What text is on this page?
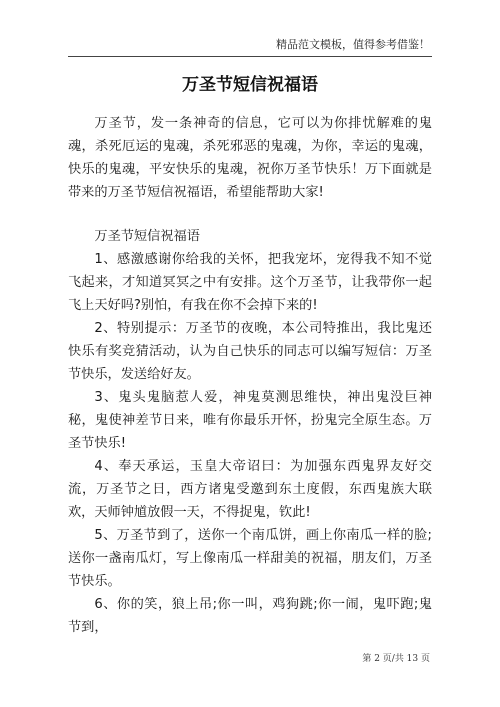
精品范文模板，值得参考借鉴！
万圣节短信祝福语

万圣节，发一条神奇的信息，它可以为你排忧解难的鬼魂，杀死厄运的鬼魂，杀死邪恶的鬼魂，为你，幸运的鬼魂，快乐的鬼魂，平安快乐的鬼魂，祝你万圣节快乐！万下面就是带来的万圣节短信祝福语，希望能帮助大家!

万圣节短信祝福语

1、感激感谢你给我的关怀，把我宠坏，宠得我不知不觉飞起来，才知道冥冥之中有安排。这个万圣节，让我带你一起飞上天好吗?别怕，有我在你不会掉下来的!

2、特别提示：万圣节的夜晚，本公司特推出，我比鬼还快乐有奖竞猜活动，认为自己快乐的同志可以编写短信：万圣节快乐，发送给好友。

3、鬼头鬼脑惹人爱，神鬼莫测思维快，神出鬼没巨神秘，鬼使神差节日来，唯有你最乐开怀，扮鬼完全原生态。万圣节快乐!

4、奉天承运，玉皇大帝诏曰：为加强东西鬼界友好交流，万圣节之日，西方诸鬼受邀到东土度假，东西鬼族大联欢，天师钟馗放假一天，不得捉鬼，钦此!

5、万圣节到了，送你一个南瓜饼，画上你南瓜一样的脸;送你一盏南瓜灯，写上像南瓜一样甜美的祝福，朋友们，万圣节快乐。

6、你的笑，狼上吊;你一叫，鸡狗跳;你一闹，鬼吓跑;鬼节到，

第 2 页/共 13 页
